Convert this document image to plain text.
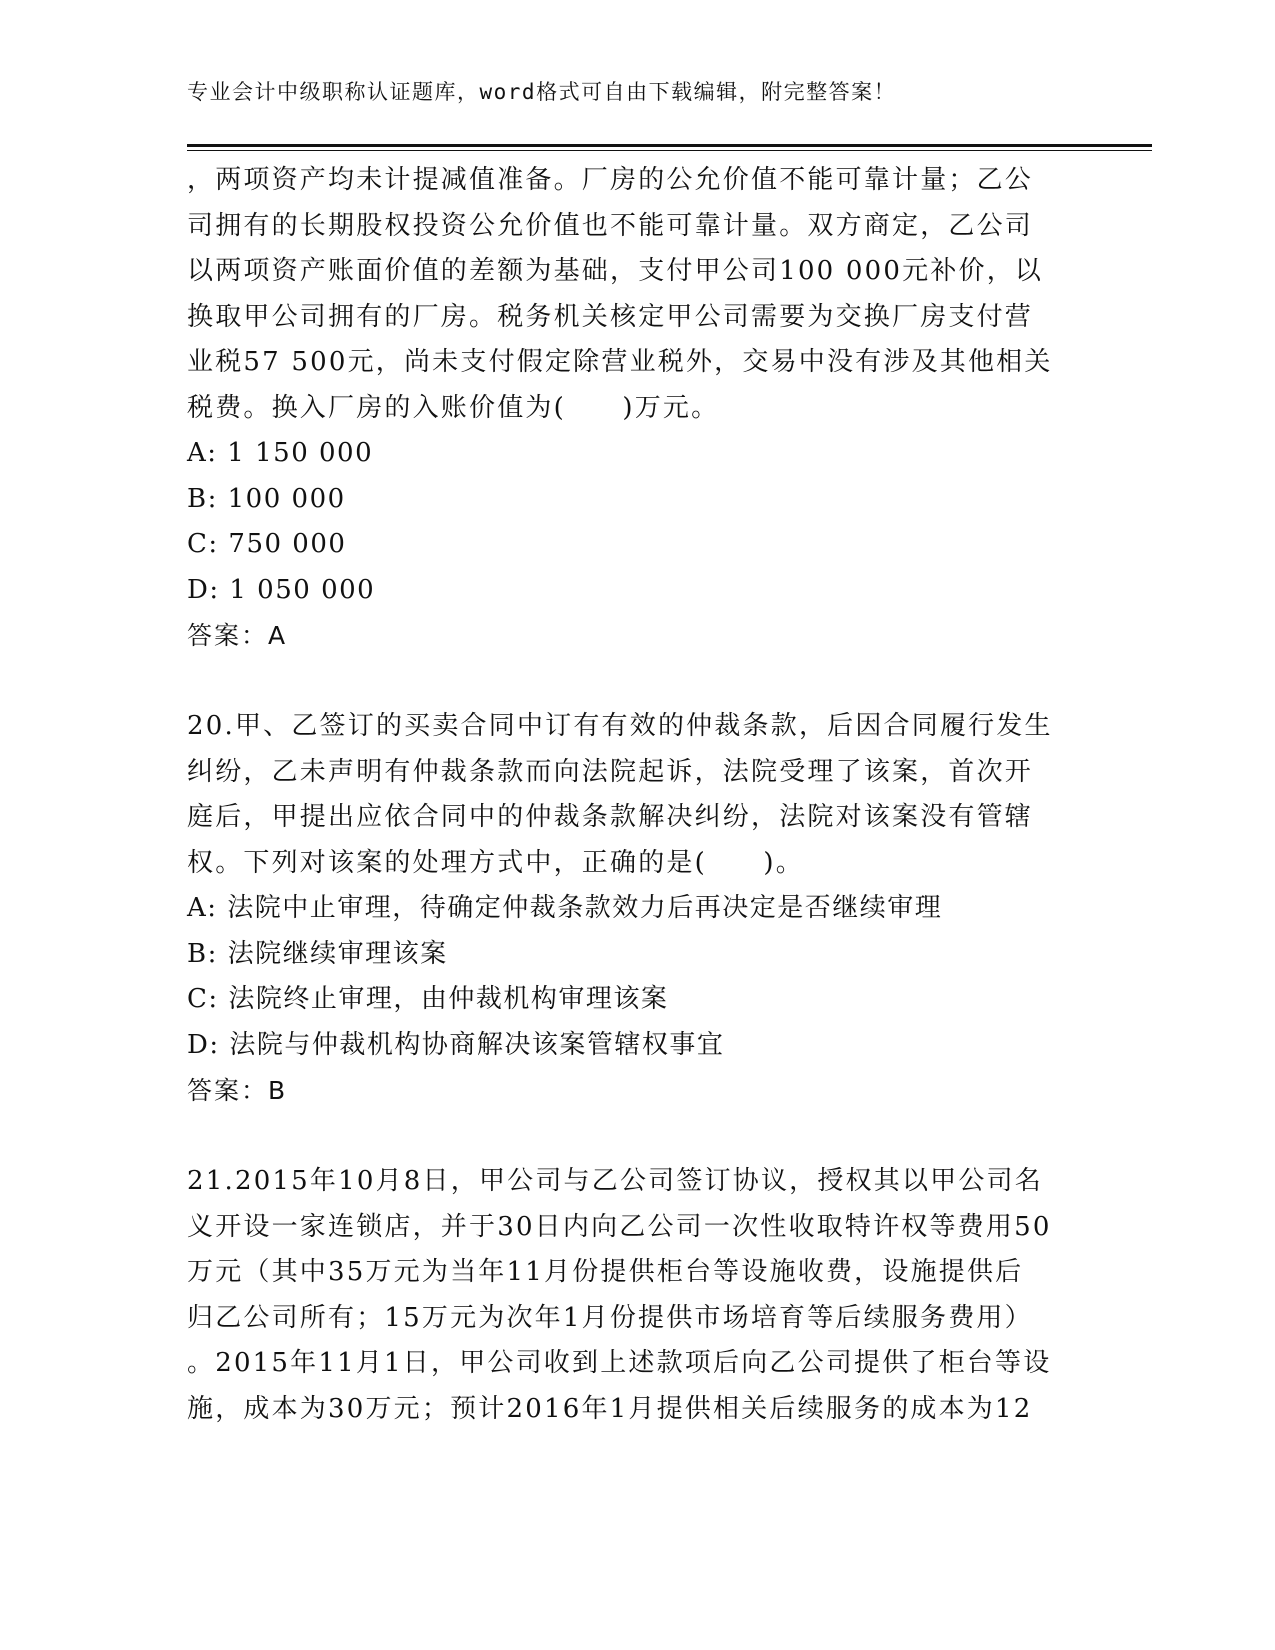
专业会计中级职称认证题库，word格式可自由下载编辑，附完整答案！
，两项资产均未计提减值准备。厂房的公允价值不能可靠计量；乙公
司拥有的长期股权投资公允价值也不能可靠计量。双方商定，乙公司
以两项资产账面价值的差额为基础，支付甲公司100 000元补价，以
换取甲公司拥有的厂房。税务机关核定甲公司需要为交换厂房支付营
业税57 500元，尚未支付假定除营业税外，交易中没有涉及其他相关
税费。换入厂房的入账价值为(　　)万元。
A: 1 150 000
B: 100 000
C: 750 000
D: 1 050 000
答案：A
20.甲、乙签订的买卖合同中订有有效的仲裁条款，后因合同履行发生
纠纷，乙未声明有仲裁条款而向法院起诉，法院受理了该案，首次开
庭后，甲提出应依合同中的仲裁条款解决纠纷，法院对该案没有管辖
权。下列对该案的处理方式中，正确的是(　　)。
A: 法院中止审理，待确定仲裁条款效力后再决定是否继续审理
B: 法院继续审理该案
C: 法院终止审理，由仲裁机构审理该案
D: 法院与仲裁机构协商解决该案管辖权事宜
答案：B
21.2015年10月8日，甲公司与乙公司签订协议，授权其以甲公司名
义开设一家连锁店，并于30日内向乙公司一次性收取特许权等费用50
万元（其中35万元为当年11月份提供柜台等设施收费，设施提供后
归乙公司所有；15万元为次年1月份提供市场培育等后续服务费用）
。2015年11月1日，甲公司收到上述款项后向乙公司提供了柜台等设
施，成本为30万元；预计2016年1月提供相关后续服务的成本为12
